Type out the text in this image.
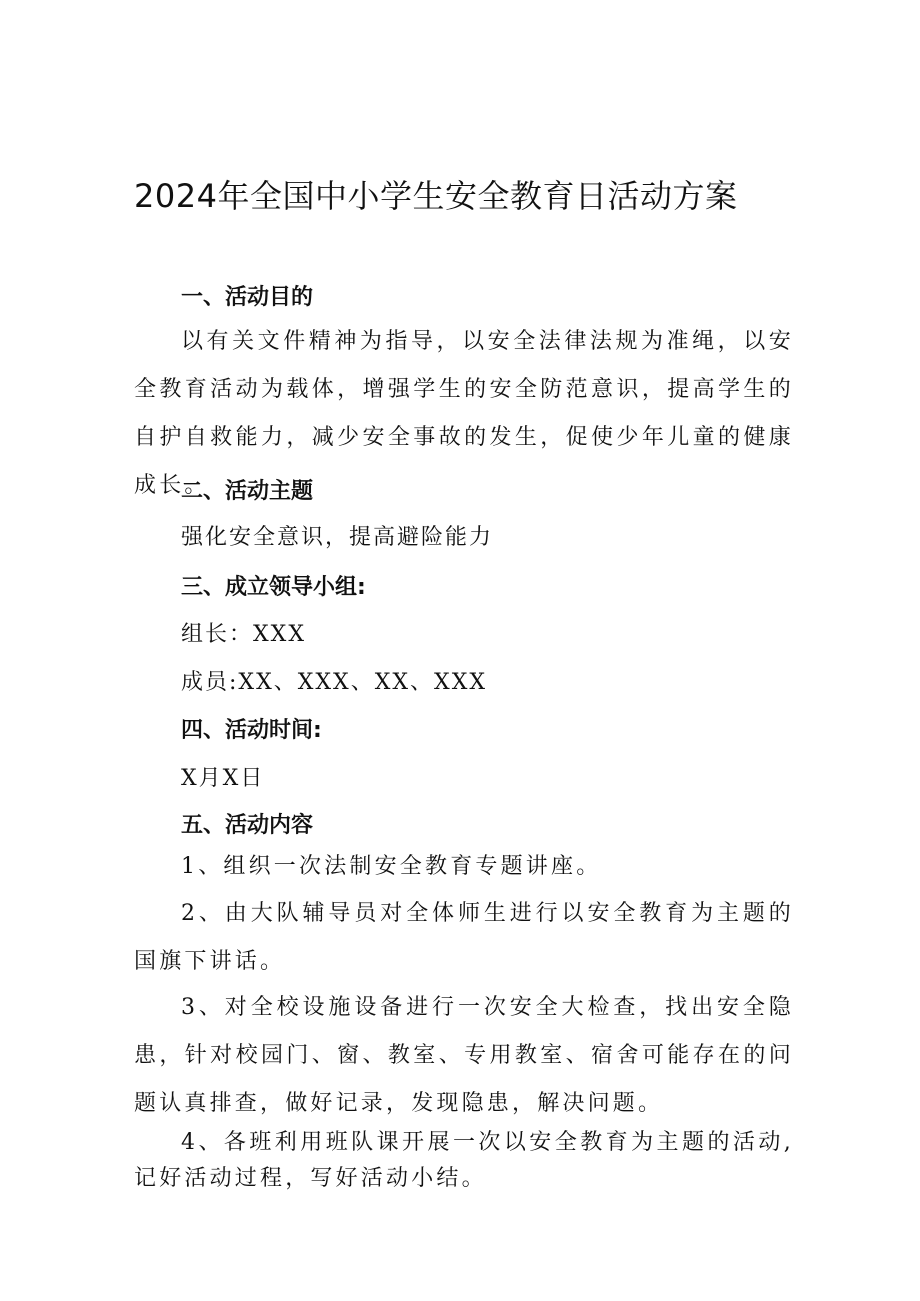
2024年全国中小学生安全教育日活动方案
一、活动目的
以有关文件精神为指导，以安全法律法规为准绳，以安全教育活动为载体，增强学生的安全防范意识，提高学生的自护自救能力，减少安全事故的发生，促使少年儿童的健康成长。
二、活动主题
强化安全意识，提高避险能力
三、成立领导小组:
组长：XXX
成员:XX、XXX、XX、XXX
四、活动时间:
X月X日
五、活动内容
1、组织一次法制安全教育专题讲座。
2、由大队辅导员对全体师生进行以安全教育为主题的国旗下讲话。
3、对全校设施设备进行一次安全大检查，找出安全隐患，针对校园门、窗、教室、专用教室、宿舍可能存在的问题认真排查，做好记录，发现隐患，解决问题。
4、各班利用班队课开展一次以安全教育为主题的活动,记好活动过程，写好活动小结。
